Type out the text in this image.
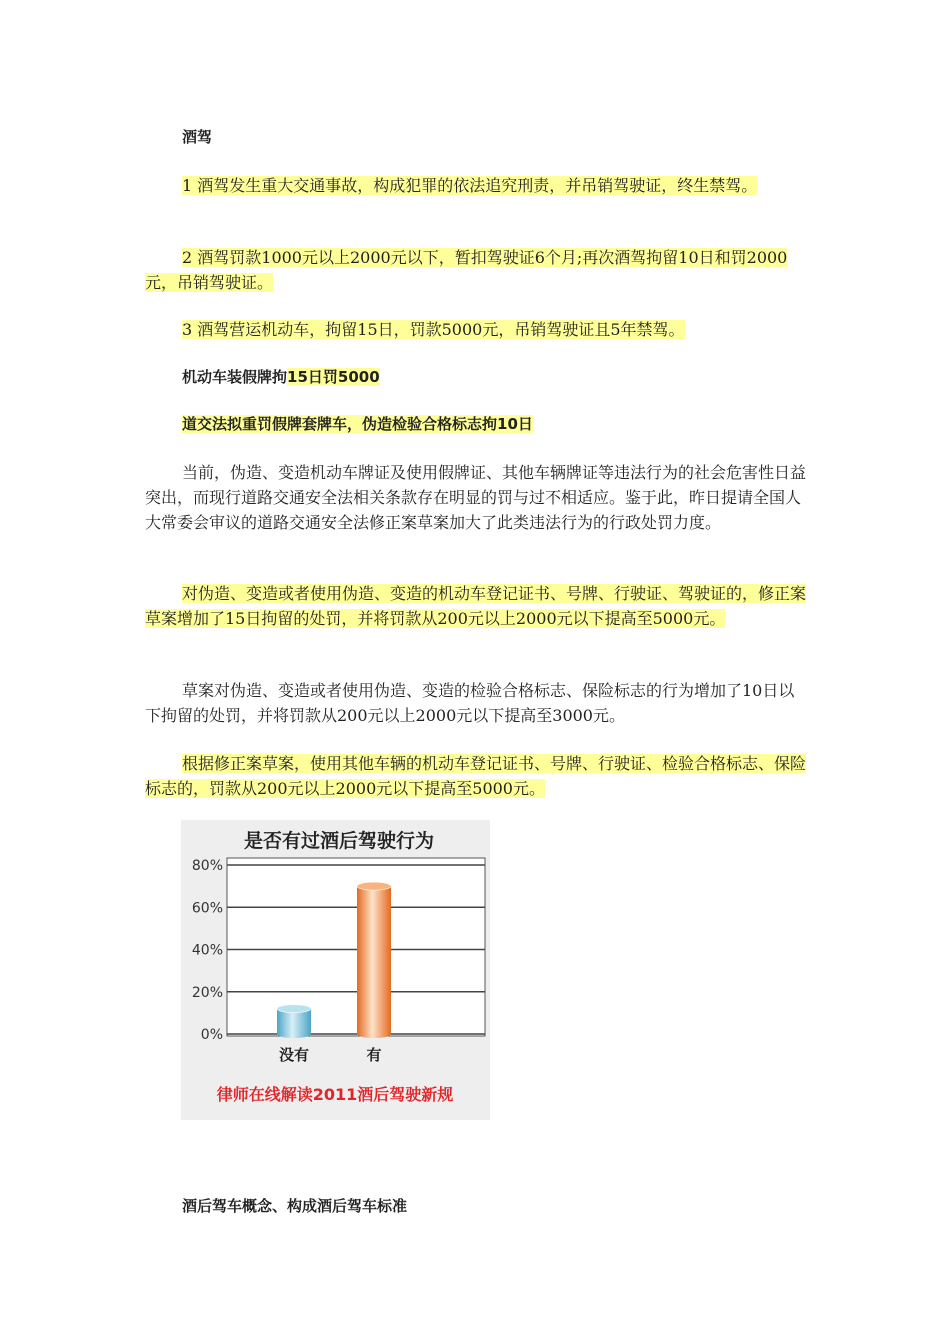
酒驾

1 酒驾发生重大交通事故，构成犯罪的依法追究刑责，并吊销驾驶证，终生禁驾。

2 酒驾罚款1000元以上2000元以下，暂扣驾驶证6个月;再次酒驾拘留10日和罚2000元，吊销驾驶证。

3 酒驾营运机动车，拘留15日，罚款5000元，吊销驾驶证且5年禁驾。

机动车装假牌拘15日罚5000

道交法拟重罚假牌套牌车，伪造检验合格标志拘10日

当前，伪造、变造机动车牌证及使用假牌证、其他车辆牌证等违法行为的社会危害性日益突出，而现行道路交通安全法相关条款存在明显的罚与过不相适应。鉴于此，昨日提请全国人大常委会审议的道路交通安全法修正案草案加大了此类违法行为的行政处罚力度。

对伪造、变造或者使用伪造、变造的机动车登记证书、号牌、行驶证、驾驶证的，修正案草案增加了15日拘留的处罚，并将罚款从200元以上2000元以下提高至5000元。

草案对伪造、变造或者使用伪造、变造的检验合格标志、保险标志的行为增加了10日以下拘留的处罚，并将罚款从200元以上2000元以下提高至3000元。

根据修正案草案，使用其他车辆的机动车登记证书、号牌、行驶证、检验合格标志、保险标志的，罚款从200元以上2000元以下提高至5000元。

酒后驾车概念、构成酒后驾车标准

是否有过酒后驾驶行为
80%
60%
40%
20%
0%
没有	有
律师在线解读2011酒后驾驶新规
